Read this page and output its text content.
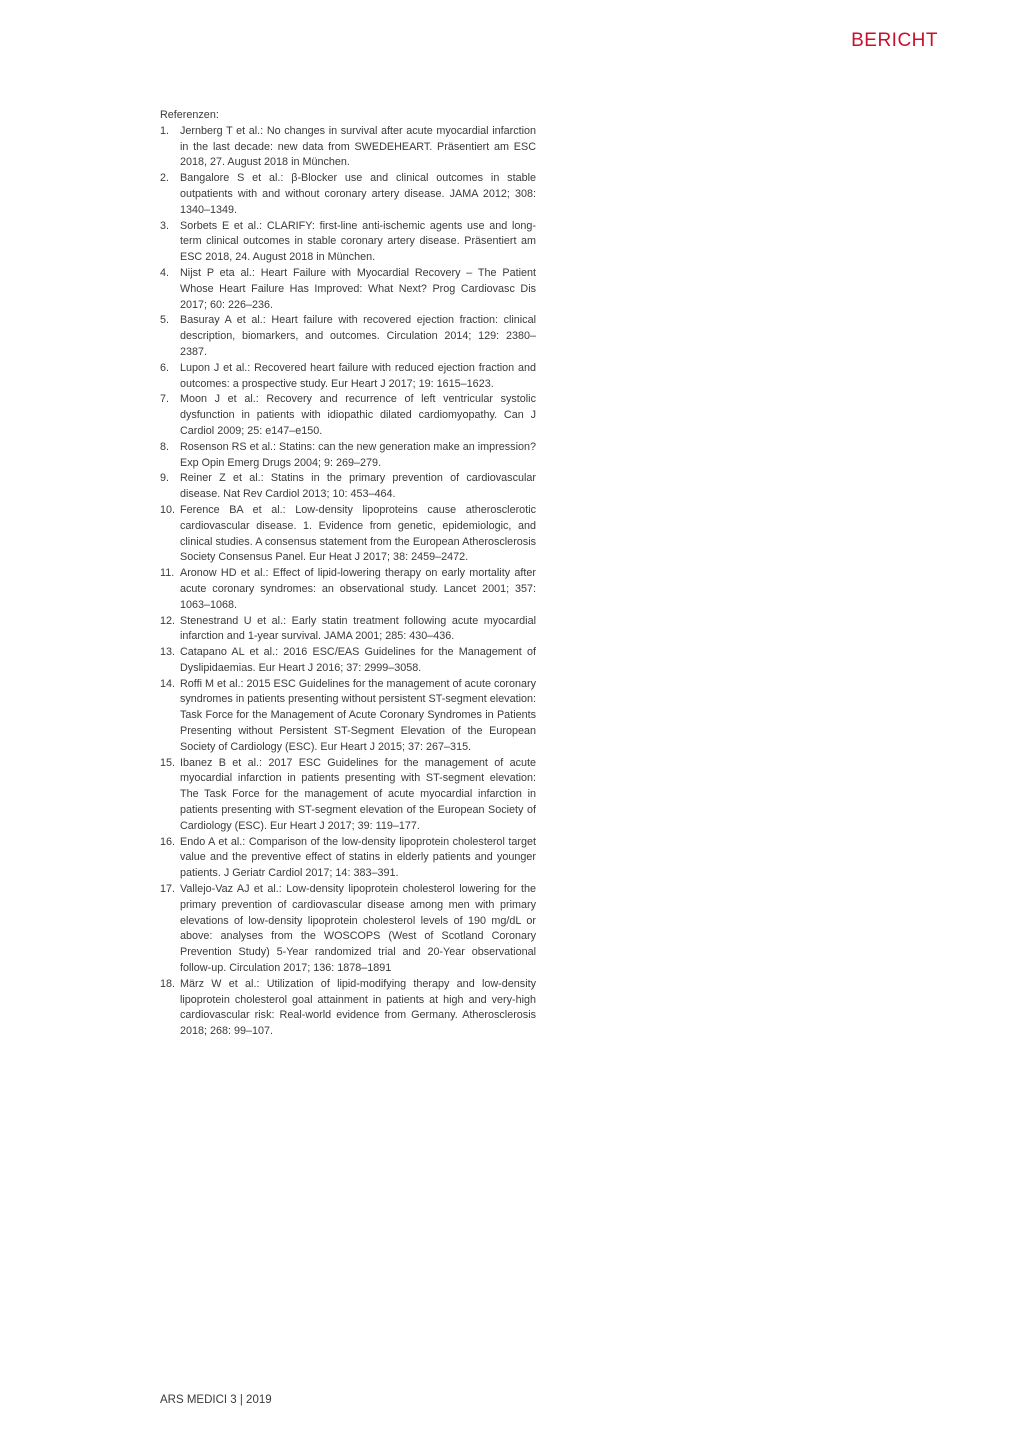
BERICHT

Referenzen:

1. Jernberg T et al.: No changes in survival after acute myocardial infarction in the last decade: new data from SWEDEHEART. Präsentiert am ESC 2018, 27. August 2018 in München.
2. Bangalore S et al.: β-Blocker use and clinical outcomes in stable outpatients with and without coronary artery disease. JAMA 2012; 308: 1340–1349.
3. Sorbets E et al.: CLARIFY: first-line anti-ischemic agents use and long-term clinical outcomes in stable coronary artery disease. Präsentiert am ESC 2018, 24. August 2018 in München.
4. Nijst P eta al.: Heart Failure with Myocardial Recovery – The Patient Whose Heart Failure Has Improved: What Next? Prog Cardiovasc Dis 2017; 60: 226–236.
5. Basuray A et al.: Heart failure with recovered ejection fraction: clinical description, biomarkers, and outcomes. Circulation 2014; 129: 2380–2387.
6. Lupon J et al.: Recovered heart failure with reduced ejection fraction and outcomes: a prospective study. Eur Heart J 2017; 19: 1615–1623.
7. Moon J et al.: Recovery and recurrence of left ventricular systolic dysfunction in patients with idiopathic dilated cardiomyopathy. Can J Cardiol 2009; 25: e147–e150.
8. Rosenson RS et al.: Statins: can the new generation make an impression? Exp Opin Emerg Drugs 2004; 9: 269–279.
9. Reiner Z et al.: Statins in the primary prevention of cardiovascular disease. Nat Rev Cardiol 2013; 10: 453–464.
10. Ference BA et al.: Low-density lipoproteins cause atherosclerotic cardiovascular disease. 1. Evidence from genetic, epidemiologic, and clinical studies. A consensus statement from the European Atherosclerosis Society Consensus Panel. Eur Heat J 2017; 38: 2459–2472.
11. Aronow HD et al.: Effect of lipid-lowering therapy on early mortality after acute coronary syndromes: an observational study. Lancet 2001; 357: 1063–1068.
12. Stenestrand U et al.: Early statin treatment following acute myocardial infarction and 1-year survival. JAMA 2001; 285: 430–436.
13. Catapano AL et al.: 2016 ESC/EAS Guidelines for the Management of Dyslipidaemias. Eur Heart J 2016; 37: 2999–3058.
14. Roffi M et al.: 2015 ESC Guidelines for the management of acute coronary syndromes in patients presenting without persistent ST-segment elevation: Task Force for the Management of Acute Coronary Syndromes in Patients Presenting without Persistent ST-Segment Elevation of the European Society of Cardiology (ESC). Eur Heart J 2015; 37: 267–315.
15. Ibanez B et al.: 2017 ESC Guidelines for the management of acute myocardial infarction in patients presenting with ST-segment elevation: The Task Force for the management of acute myocardial infarction in patients presenting with ST-segment elevation of the European Society of Cardiology (ESC). Eur Heart J 2017; 39: 119–177.
16. Endo A et al.: Comparison of the low-density lipoprotein cholesterol target value and the preventive effect of statins in elderly patients and younger patients. J Geriatr Cardiol 2017; 14: 383–391.
17. Vallejo-Vaz AJ et al.: Low-density lipoprotein cholesterol lowering for the primary prevention of cardiovascular disease among men with primary elevations of low-density lipoprotein cholesterol levels of 190 mg/dL or above: analyses from the WOSCOPS (West of Scotland Coronary Prevention Study) 5-Year randomized trial and 20-Year observational follow-up. Circulation 2017; 136: 1878–1891
18. März W et al.: Utilization of lipid-modifying therapy and low-density lipoprotein cholesterol goal attainment in patients at high and very-high cardiovascular risk: Real-world evidence from Germany. Atherosclerosis 2018; 268: 99–107.
ARS MEDICI 3 | 2019
